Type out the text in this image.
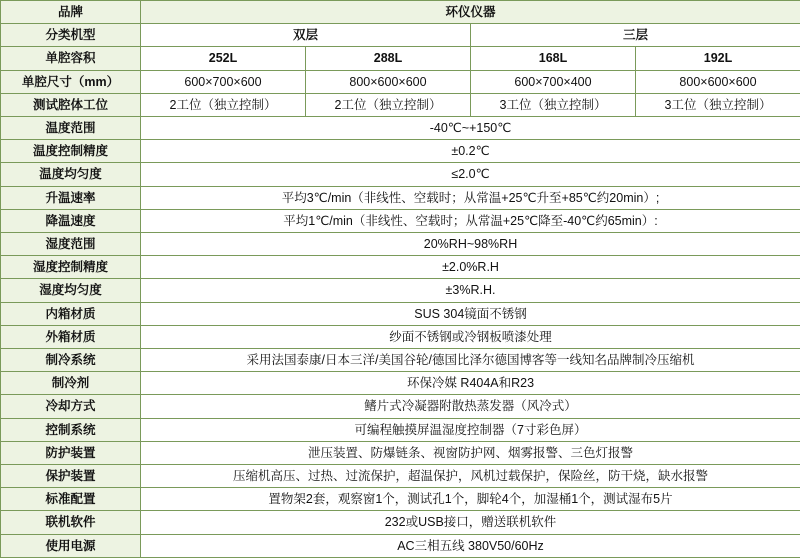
品牌	环仪仪器			
分类机型	双层		三层	
单腔容积	252L	288L	168L	192L
单腔尺寸（mm）	600×700×600	800×600×600	600×700×400	800×600×600
测试腔体工位	2工位（独立控制）	2工位（独立控制）	3工位（独立控制）	3工位（独立控制）
温度范围	-40℃~+150℃			
温度控制精度	±0.2℃			
温度均匀度	≤2.0℃			
升温速率	平均3℃/min（非线性、空载时；从常温+25℃升至+85℃约20min）;			
降温速度	平均1℃/min（非线性、空载时；从常温+25℃降至-40℃约65min）:			
湿度范围	20%RH~98%RH			
湿度控制精度	±2.0%R.H			
湿度均匀度	±3%R.H.			
内箱材质	SUS 304镜面不锈钢			
外箱材质	纱面不锈钢或冷钢板喷漆处理			
制冷系统	采用法国泰康/日本三洋/美国谷轮/德国比泽尔德国博客等一线知名品牌制冷压缩机			
制冷剂	环保冷媒 R404A和R23			
冷却方式	鳍片式冷凝器附散热蒸发器（风冷式）			
控制系统	可编程触摸屏温湿度控制器（7寸彩色屏）			
防护装置	泄压装置、防爆链条、视窗防护网、烟雾报警、三色灯报警			
保护装置	压缩机高压、过热、过流保护，超温保护，风机过载保护，保险丝，防干烧，缺水报警			
标准配置	置物架2套，观察窗1个，测试孔1个，脚轮4个，加湿桶1个，测试湿布5片			
联机软件	232或USB接口，赠送联机软件			
使用电源	AC三相五线 380V50/60Hz			
